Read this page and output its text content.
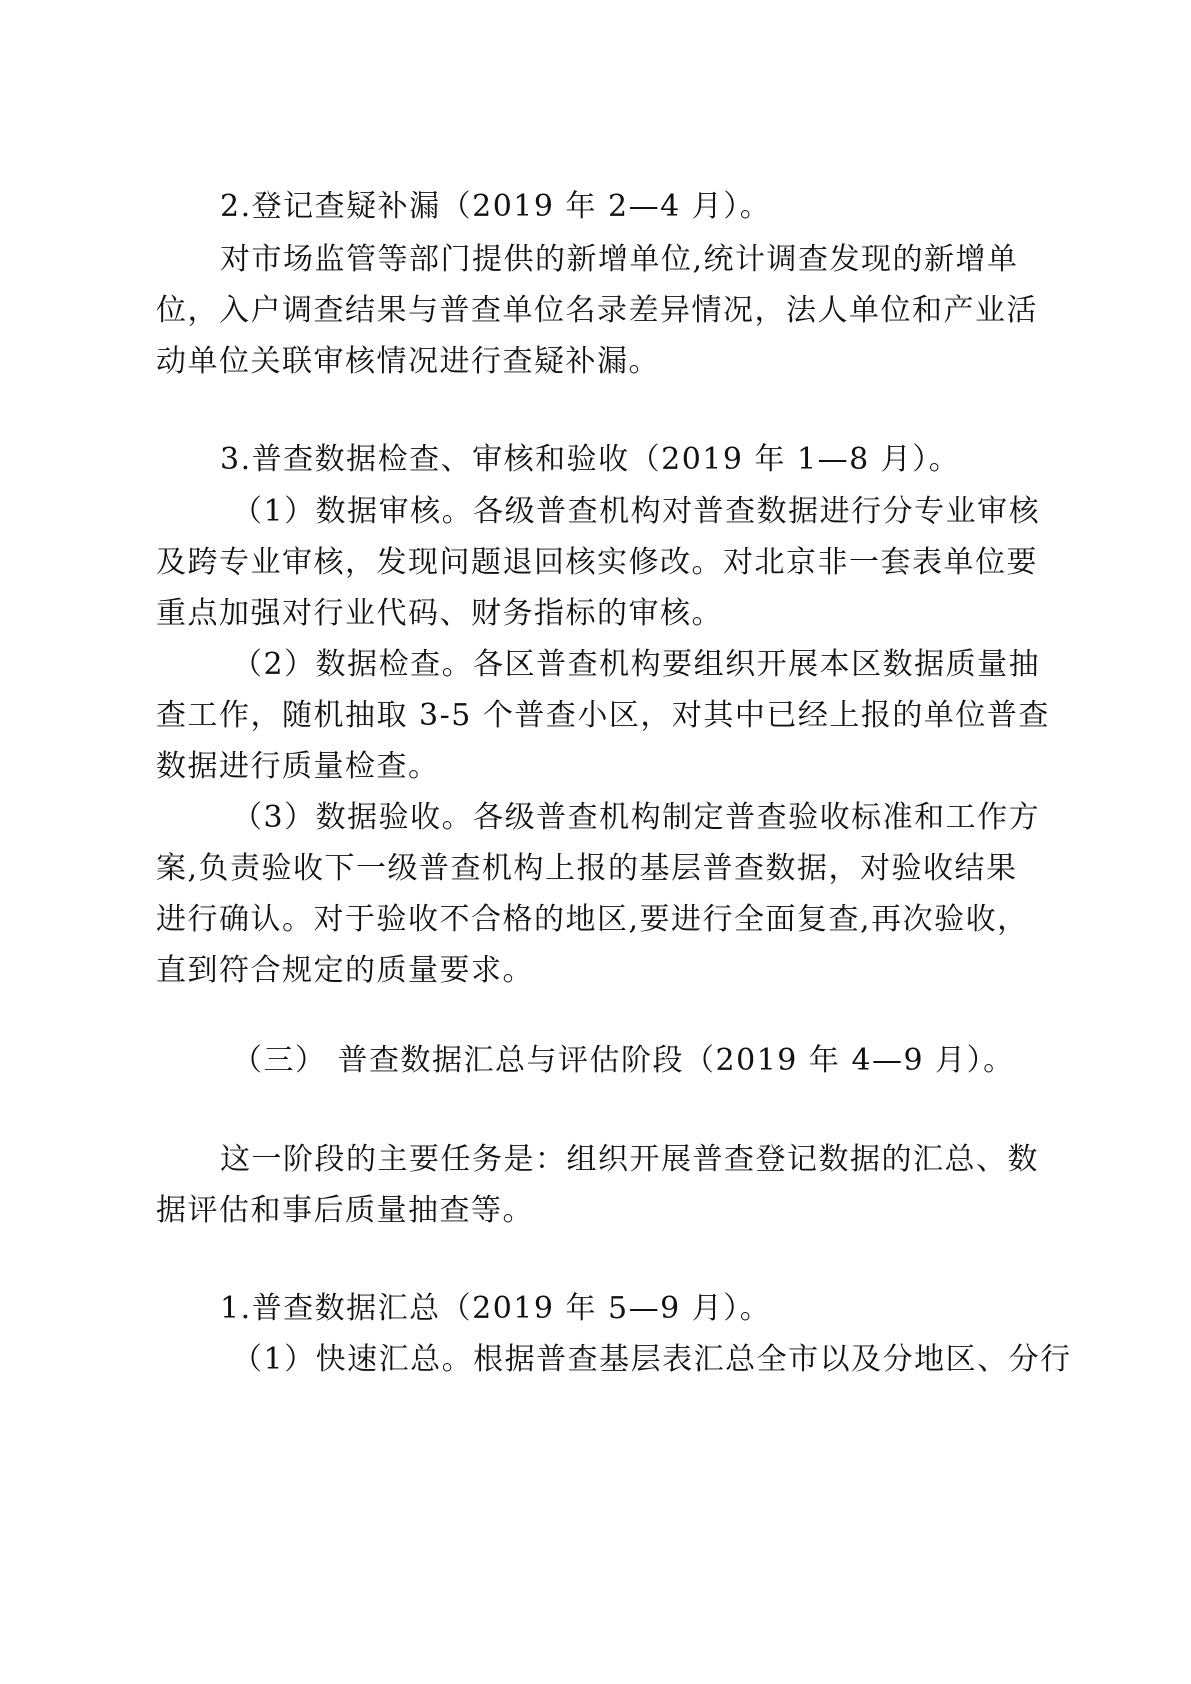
2.登记查疑补漏（2019 年 2—4 月）。
对市场监管等部门提供的新增单位,统计调查发现的新增单
位，入户调查结果与普查单位名录差异情况，法人单位和产业活
动单位关联审核情况进行查疑补漏。
3.普查数据检查、审核和验收（2019 年 1—8 月）。
（1）数据审核。各级普查机构对普查数据进行分专业审核
及跨专业审核，发现问题退回核实修改。对北京非一套表单位要
重点加强对行业代码、财务指标的审核。
（2）数据检查。各区普查机构要组织开展本区数据质量抽
查工作，随机抽取 3-5 个普查小区，对其中已经上报的单位普查
数据进行质量检查。
（3）数据验收。各级普查机构制定普查验收标准和工作方
案,负责验收下一级普查机构上报的基层普查数据，对验收结果
进行确认。对于验收不合格的地区,要进行全面复查,再次验收，
直到符合规定的质量要求。
（三） 普查数据汇总与评估阶段（2019 年 4—9 月）。
这一阶段的主要任务是：组织开展普查登记数据的汇总、数
据评估和事后质量抽查等。
1.普查数据汇总（2019 年 5—9 月）。
（1）快速汇总。根据普查基层表汇总全市以及分地区、分行
